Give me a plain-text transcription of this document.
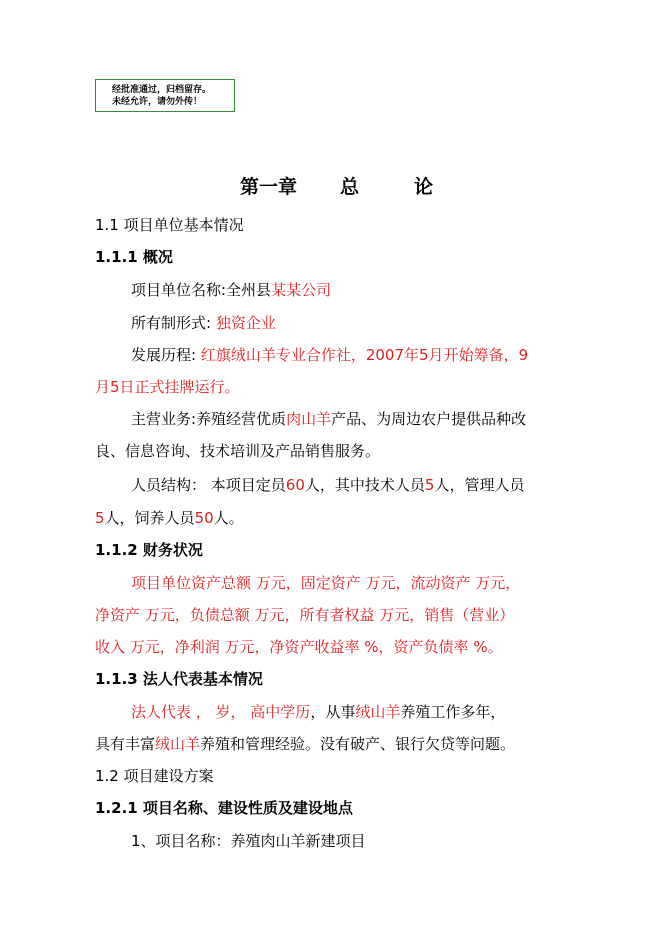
经批准通过，归档留存。
未经允许，请勿外传！
第一章 总	论
1.1 项目单位基本情况
1.1.1 概况
项目单位名称:全州县某某公司
所有制形式: 独资企业
发展历程: 红旗绒山羊专业合作社，2007年5月开始筹备，9
月5日正式挂牌运行。
主营业务:养殖经营优质肉山羊产品、为周边农户提供品种改
良、信息咨询、技术培训及产品销售服务。
人员结构： 本项目定员60人，其中技术人员5人，管理人员
5人，饲养人员50人。
1.1.2 财务状况
项目单位资产总额 万元，固定资产 万元，流动资产 万元，
净资产 万元，负债总额 万元，所有者权益 万元，销售（营业）
收入 万元，净利润 万元，净资产收益率 %，资产负债率 %。
1.1.3 法人代表基本情况
法人代表 ， 岁， 高中学历，从事绒山羊养殖工作多年，
具有丰富绒山羊养殖和管理经验。没有破产、银行欠贷等问题。
1.2 项目建设方案
1.2.1 项目名称、建设性质及建设地点
1、项目名称：养殖肉山羊新建项目
